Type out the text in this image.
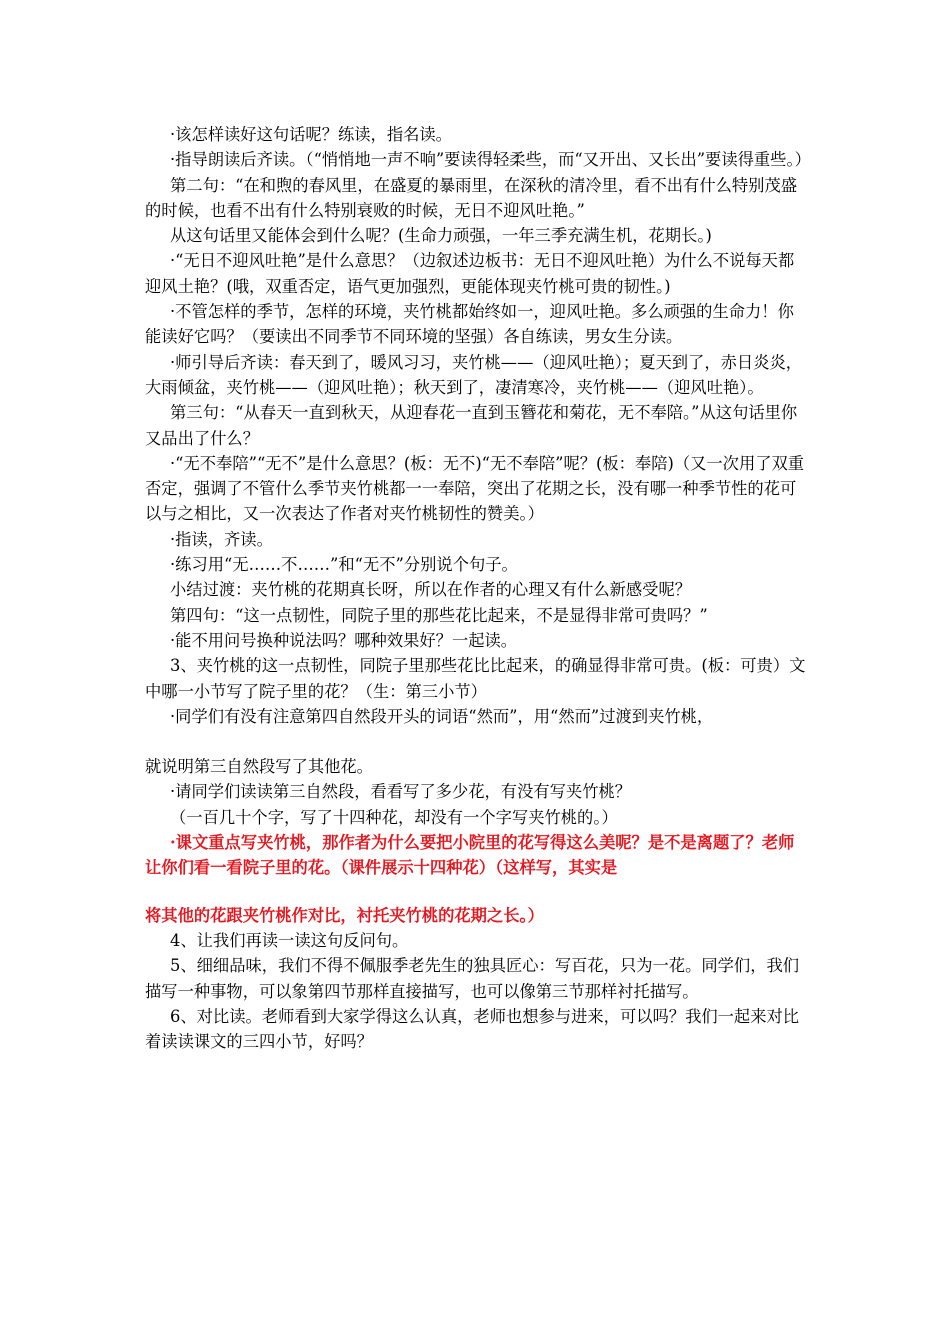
·该怎样读好这句话呢？练读，指名读。

·指导朗读后齐读。（“悄悄地一声不响”要读得轻柔些，而“又开出、又长出”要读得重些。）

第二句：“在和煦的春风里，在盛夏的暴雨里，在深秋的清冷里，看不出有什么特别茂盛的时候，也看不出有什么特别衰败的时候，无日不迎风吐艳。”

从这句话里又能体会到什么呢？(生命力顽强，一年三季充满生机，花期长。)

·“无日不迎风吐艳”是什么意思？（边叙述边板书：无日不迎风吐艳）为什么不说每天都迎风土艳？(哦，双重否定，语气更加强烈，更能体现夹竹桃可贵的韧性。)

·不管怎样的季节，怎样的环境，夹竹桃都始终如一，迎风吐艳。多么顽强的生命力！你能读好它吗？（要读出不同季节不同环境的坚强）各自练读，男女生分读。

·师引导后齐读：春天到了，暖风习习，夹竹桃——（迎风吐艳）；夏天到了，赤日炎炎，大雨倾盆，夹竹桃——（迎风吐艳）；秋天到了，凄清寒冷，夹竹桃——（迎风吐艳）。

第三句：“从春天一直到秋天，从迎春花一直到玉簪花和菊花，无不奉陪。”从这句话里你又品出了什么？

·“无不奉陪”“无不”是什么意思？(板：无不)“无不奉陪”呢？(板：奉陪)（又一次用了双重否定，强调了不管什么季节夹竹桃都一一奉陪，突出了花期之长，没有哪一种季节性的花可以与之相比，又一次表达了作者对夹竹桃韧性的赞美。）

·指读，齐读。

·练习用“无……不……”和“无不”分别说个句子。

小结过渡：夹竹桃的花期真长呀，所以在作者的心理又有什么新感受呢？

第四句：“这一点韧性，同院子里的那些花比起来，不是显得非常可贵吗？”

·能不用问号换种说法吗？哪种效果好？一起读。

3、夹竹桃的这一点韧性，同院子里那些花比比起来，的确显得非常可贵。(板：可贵）文中哪一小节写了院子里的花？（生：第三小节）

·同学们有没有注意第四自然段开头的词语“然而”，用“然而”过渡到夹竹桃，

就说明第三自然段写了其他花。

·请同学们读读第三自然段，看看写了多少花，有没有写夹竹桃？

（一百几十个字，写了十四种花，却没有一个字写夹竹桃的。）

·课文重点写夹竹桃，那作者为什么要把小院里的花写得这么美呢？是不是离题了？老师让你们看一看院子里的花。（课件展示十四种花）（这样写，其实是

将其他的花跟夹竹桃作对比，衬托夹竹桃的花期之长。）

4、让我们再读一读这句反问句。

5、细细品味，我们不得不佩服季老先生的独具匠心：写百花，只为一花。同学们，我们描写一种事物，可以象第四节那样直接描写，也可以像第三节那样衬托描写。

6、对比读。老师看到大家学得这么认真，老师也想参与进来，可以吗？我们一起来对比着读读课文的三四小节，好吗？
